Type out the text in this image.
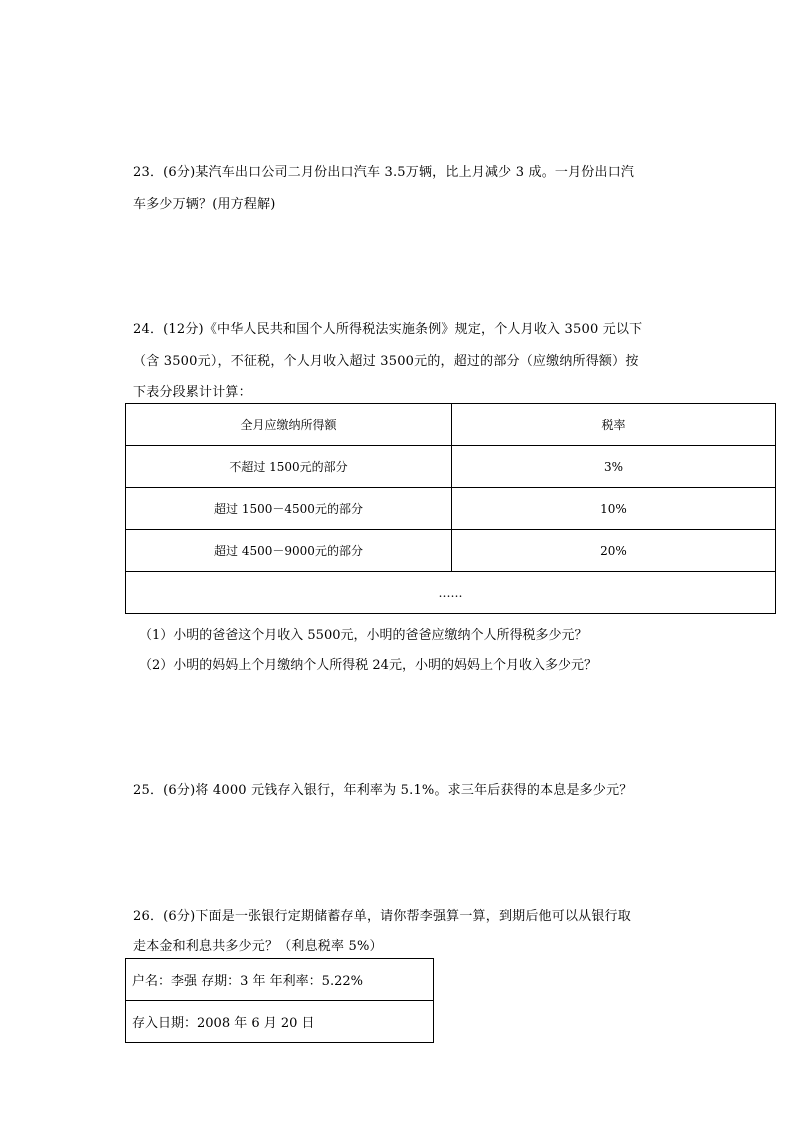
23．(6分)某汽车出口公司二月份出口汽车 3.5万辆，比上月减少 3 成。一月份出口汽
车多少万辆？(用方程解)
24．(12分)《中华人民共和国个人所得税法实施条例》规定，个人月收入 3500 元以下
（含 3500元），不征税，个人月收入超过 3500元的，超过的部分（应缴纳所得额）按
下表分段累计计算：
全月应缴纳所得额	税率
不超过 1500元的部分	3%
超过 1500－4500元的部分	10%
超过 4500－9000元的部分	20%
……	
（1）小明的爸爸这个月收入 5500元，小明的爸爸应缴纳个人所得税多少元？
（2）小明的妈妈上个月缴纳个人所得税 24元，小明的妈妈上个月收入多少元？
25．(6分)将 4000 元钱存入银行，年利率为 5.1%。求三年后获得的本息是多少元？
26．(6分)下面是一张银行定期储蓄存单，请你帮李强算一算，到期后他可以从银行取
走本金和利息共多少元？（利息税率 5%）
户名：李强 存期：3 年 年利率：5.22%
存入日期：2008 年 6 月 20 日
